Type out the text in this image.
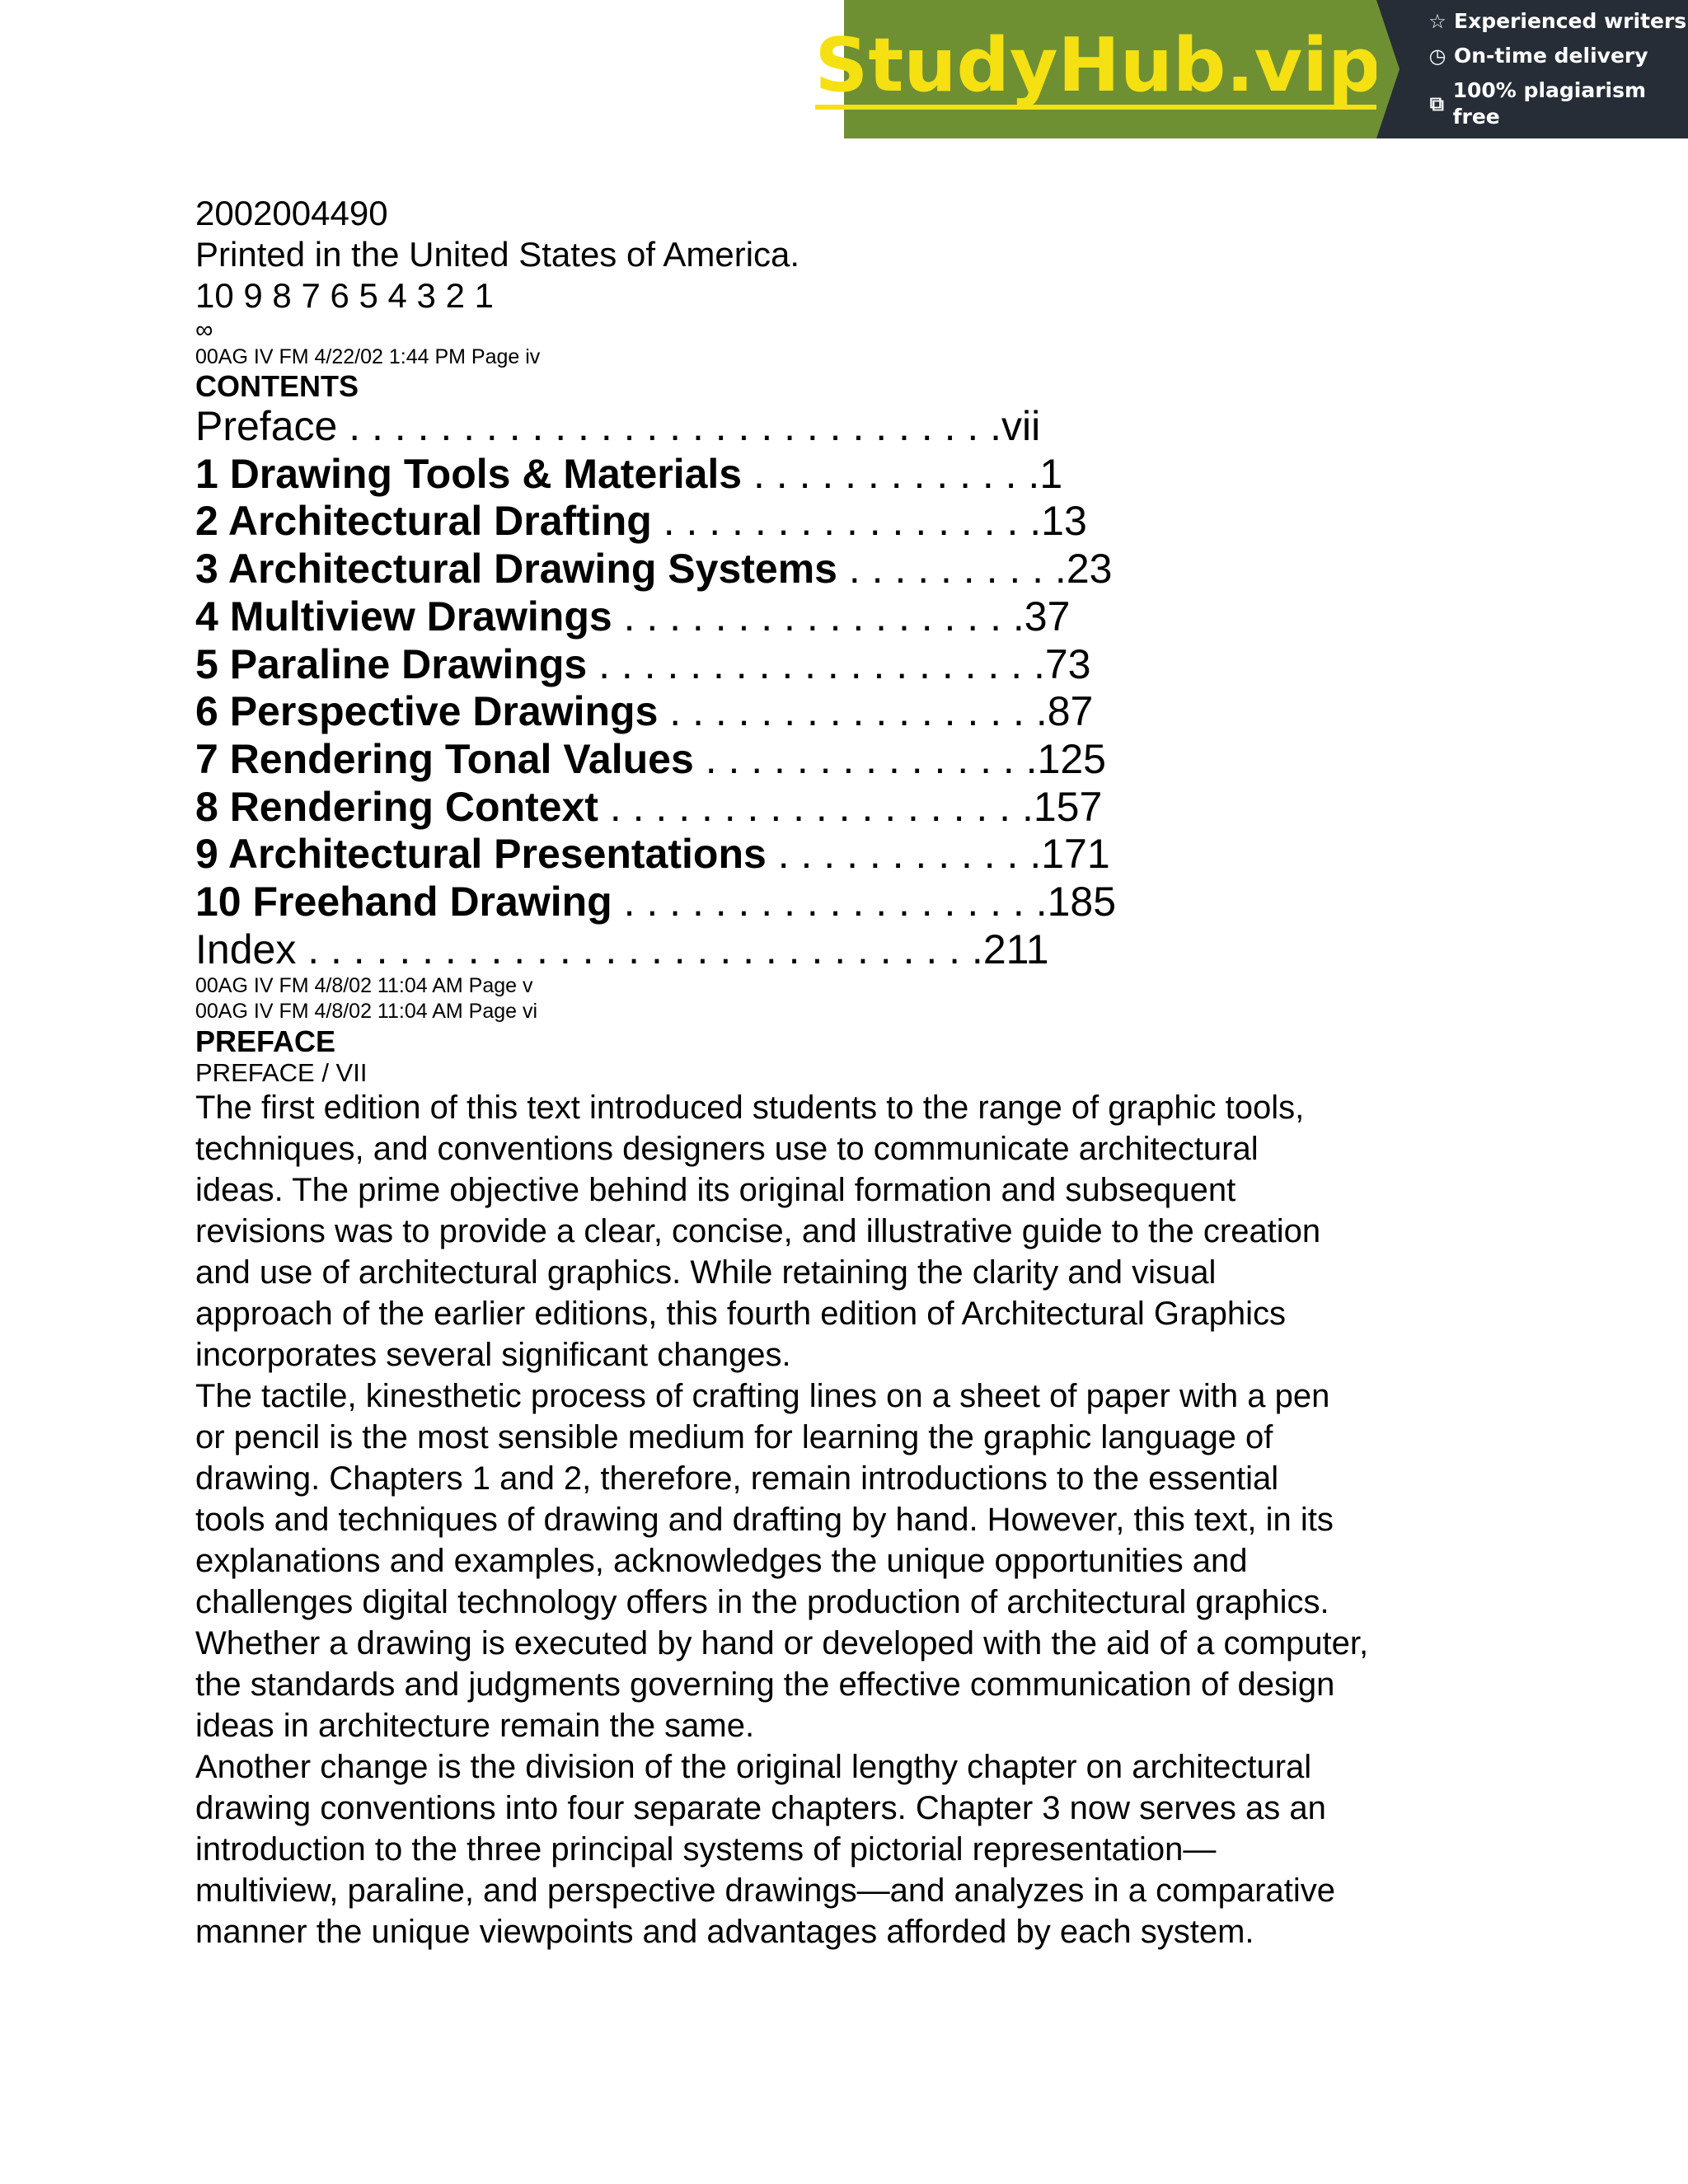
StudyHub.vip
☆ Experienced writers
◷ On-time delivery
⧉
100% plagiarism free
2002004490
Printed in the United States of America.
10 9 8 7 6 5 4 3 2 1
∞
00AG IV FM 4/22/02 1:44 PM Page iv
CONTENTS
Preface . . . . . . . . . . . . . . . . . . . . . . . . . . . . .vii
1 Drawing Tools & Materials . . . . . . . . . . . . .1
2 Architectural Drafting . . . . . . . . . . . . . . . . .13
3 Architectural Drawing Systems . . . . . . . . . .23
4 Multiview Drawings . . . . . . . . . . . . . . . . . .37
5 Paraline Drawings . . . . . . . . . . . . . . . . . . . .73
6 Perspective Drawings . . . . . . . . . . . . . . . . .87
7 Rendering Tonal Values . . . . . . . . . . . . . . .125
8 Rendering Context . . . . . . . . . . . . . . . . . . .157
9 Architectural Presentations . . . . . . . . . . . .171
10 Freehand Drawing . . . . . . . . . . . . . . . . . . .185
Index . . . . . . . . . . . . . . . . . . . . . . . . . . . . . .211
00AG IV FM 4/8/02 11:04 AM Page v
00AG IV FM 4/8/02 11:04 AM Page vi
PREFACE
PREFACE / VII
The first edition of this text introduced students to the range of graphic tools,
techniques, and conventions designers use to communicate architectural
ideas. The prime objective behind its original formation and subsequent
revisions was to provide a clear, concise, and illustrative guide to the creation
and use of architectural graphics. While retaining the clarity and visual
approach of the earlier editions, this fourth edition of Architectural Graphics
incorporates several significant changes.
The tactile, kinesthetic process of crafting lines on a sheet of paper with a pen
or pencil is the most sensible medium for learning the graphic language of
drawing. Chapters 1 and 2, therefore, remain introductions to the essential
tools and techniques of drawing and drafting by hand. However, this text, in its
explanations and examples, acknowledges the unique opportunities and
challenges digital technology offers in the production of architectural graphics.
Whether a drawing is executed by hand or developed with the aid of a computer,
the standards and judgments governing the effective communication of design
ideas in architecture remain the same.
Another change is the division of the original lengthy chapter on architectural
drawing conventions into four separate chapters. Chapter 3 now serves as an
introduction to the three principal systems of pictorial representation—
multiview, paraline, and perspective drawings—and analyzes in a comparative
manner the unique viewpoints and advantages afforded by each system.
